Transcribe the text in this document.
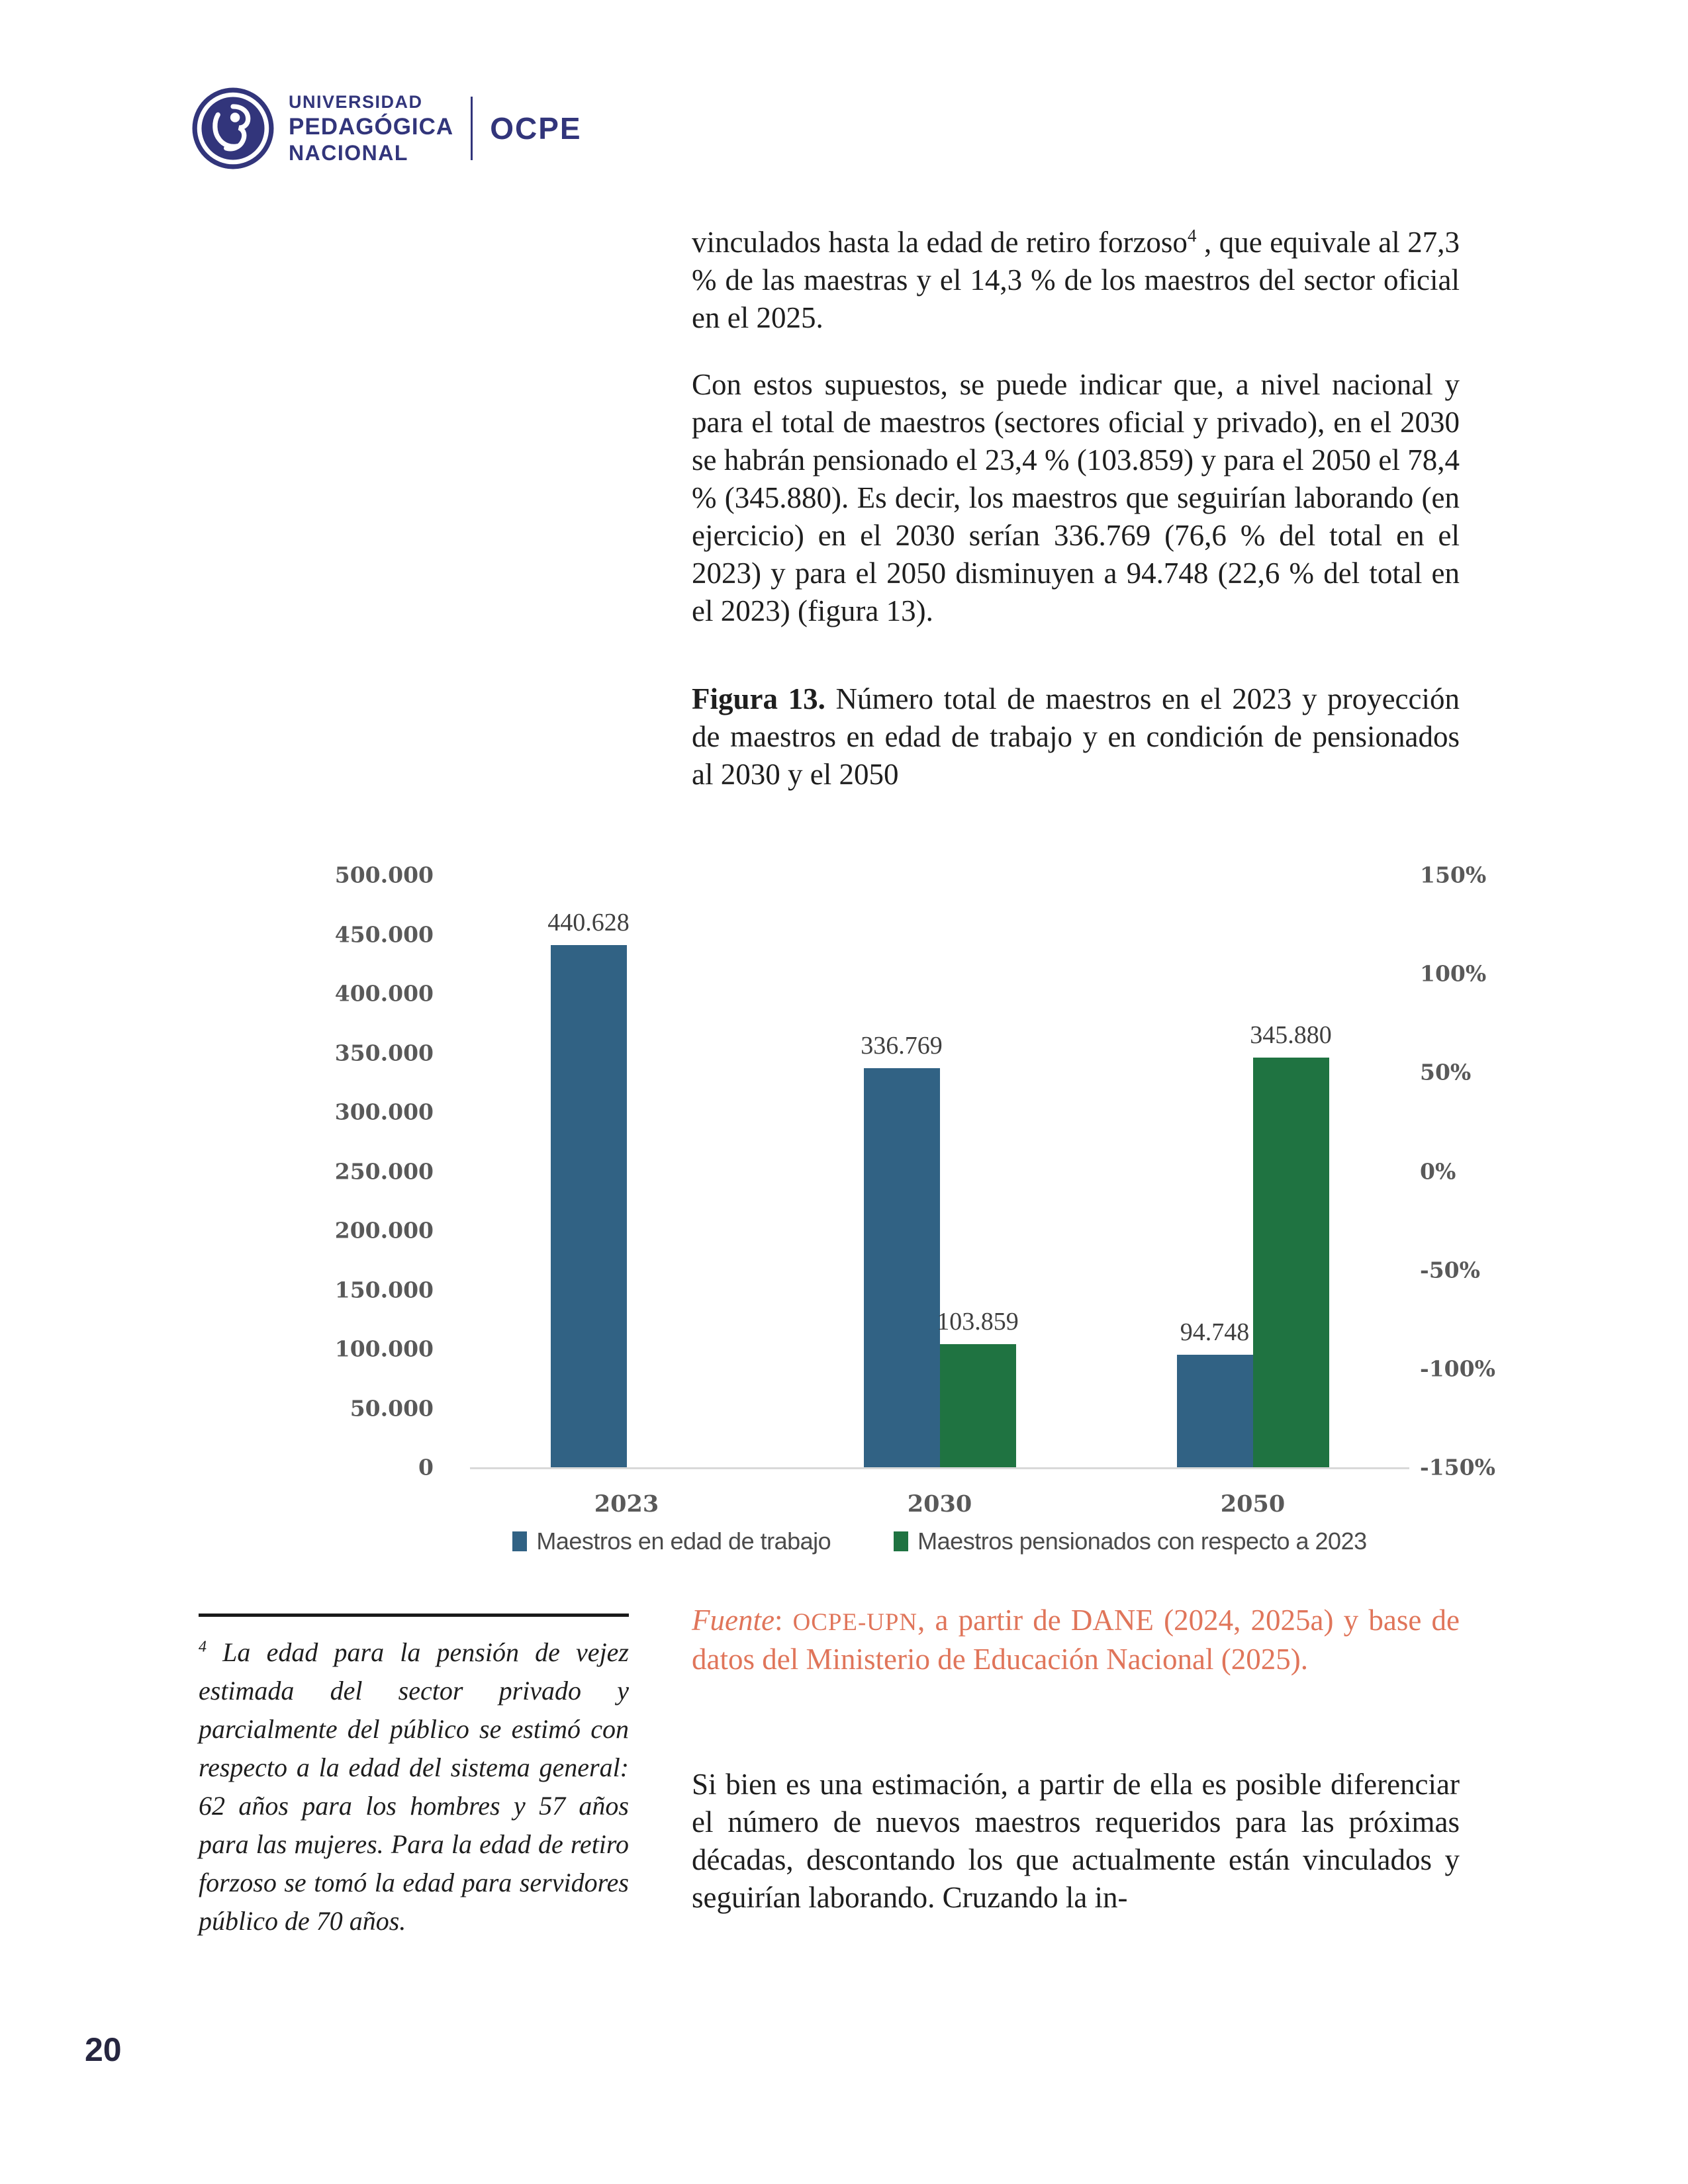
UNIVERSIDAD
PEDAGÓGICA
NACIONAL
OCPE
vinculados hasta la edad de retiro forzoso$^4$ , que equivale al 27,3 % de las maestras y el 14,3 % de los maestros del sector oficial en el 2025.
Con estos supuestos, se puede indicar que, a nivel nacional y para el total de maestros (sectores oficial y privado), en el 2030 se habrán pensionado el 23,4 % (103.859) y para el 2050 el 78,4 % (345.880). Es decir, los maestros que seguirían laborando (en ejercicio) en el 2030 serían 336.769 (76,6 % del total en el 2023) y para el 2050 disminuyen a 94.748 (22,6 % del total en el 2023) (figura 13).
Figura 13. Número total de maestros en el 2023 y proyección de maestros en edad de trabajo y en condición de pensionados al 2030 y el 2050
500.000
450.000
400.000
350.000
300.000
250.000
200.000
150.000
100.000
50.000
0
150%
100%
50%
0%
-50%
-100%
-150%
440.628
336.769
103.859	94.748
345.880
2023	2030	2050
Maestros en edad de trabajo	Maestros pensionados con respecto a 2023
Fuente: OCPE-UPN, a partir de DANE (2024, 2025a) y base de datos del Ministerio de Educación Nacional (2025).
$^4$ La edad para la pensión de vejez estimada del sector privado y parcialmente del público se estimó con respecto a la edad del sistema general: 62 años para los hombres y 57 años para las mujeres. Para la edad de retiro forzoso se tomó la edad para servidores público de 70 años.
Si bien es una estimación, a partir de ella es posible diferenciar el número de nuevos maestros requeridos para las próximas décadas, descontando los que actualmente están vinculados y seguirían laborando. Cruzando la in-
20
